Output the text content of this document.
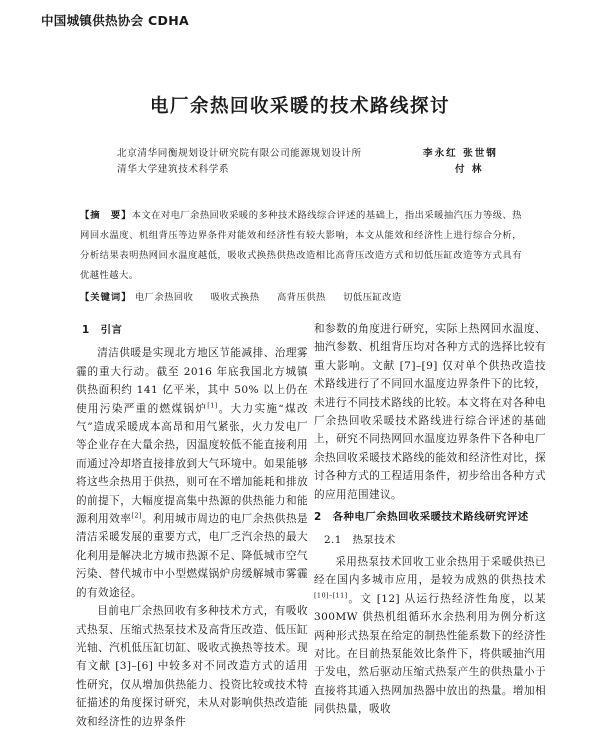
中国城镇供热协会 CDHA
电厂余热回收采暖的技术路线探讨
北京清华同衡规划设计研究院有限公司能源规划设计所	李永红 张世钢
清华大学建筑技术科学系	付 林
【摘　要】本文在对电厂余热回收采暖的多种技术路线综合评述的基础上，指出采暖抽汽压力等级、热网回水温度、机组背压等边界条件对能效和经济性有较大影响，本文从能效和经济性上进行综合分析，分析结果表明热网回水温度越低，吸收式换热供热改造相比高背压改造方式和切低压缸改造等方式具有优越性越大。
【关键词】 电厂余热回收 吸收式换热 高背压供热 切低压缸改造
1　引言

清洁供暖是实现北方地区节能减排、治理雾霾的重大行动。截至 2016 年底我国北方城镇供热面积约 141 亿平米，其中 50% 以上仍在使用污染严重的燃煤锅炉[1]。大力实施“煤改气”造成采暖成本高昂和用气紧张，火力发电厂等企业存在大量余热，因温度较低不能直接利用而通过冷却塔直接排放到大气环境中。如果能够将这些余热用于供热，则可在不增加能耗和排放的前提下，大幅度提高集中热源的供热能力和能源利用效率[2]。利用城市周边的电厂余热供热是清洁采暖发展的重要方式，电厂乏汽余热的最大化利用是解决北方城市热源不足、降低城市空气污染、替代城市中小型燃煤锅炉房缓解城市雾霾的有效途径。

目前电厂余热回收有多种技术方式，有吸收式热泵、压缩式热泵技术及高背压改造、低压缸光轴、汽机低压缸切缸、吸收式换热等技术。现有文献 [3]–[6] 中较多对不同改造方式的适用性研究，仅从增加供热能力、投资比较或技术特征描述的角度探讨研究，未从对影响供热改造能效和经济性的边界条件

和参数的角度进行研究，实际上热网回水温度、抽汽参数、机组背压均对各种方式的选择比较有重大影响。文献 [7]–[9] 仅对单个供热改造技术路线进行了不同回水温度边界条件下的比较，未进行不同技术路线的比较。本文将在对各种电厂余热回收采暖技术路线进行综合评述的基础上，研究不同热网回水温度边界条件下各种电厂余热回收采暖技术路线的能效和经济性对比，探讨各种方式的工程适用条件，初步给出各种方式的应用范围建议。

2　各种电厂余热回收采暖技术路线研究评述
2.1　热泵技术

采用热泵技术回收工业余热用于采暖供热已经在国内多城市应用，是较为成熟的供热技术[10]–[11]。文 [12] 从运行热经济性角度，以某 300MW 供热机组循环水余热利用为例分析这两种形式热泵在给定的制热性能系数下的经济性对比。在目前热泵能效比条件下，将供暖抽汽用于发电，然后驱动压缩式热泵产生的供热量小于直接将其通入热网加热器中放出的热量。增加相同供热量，吸收
